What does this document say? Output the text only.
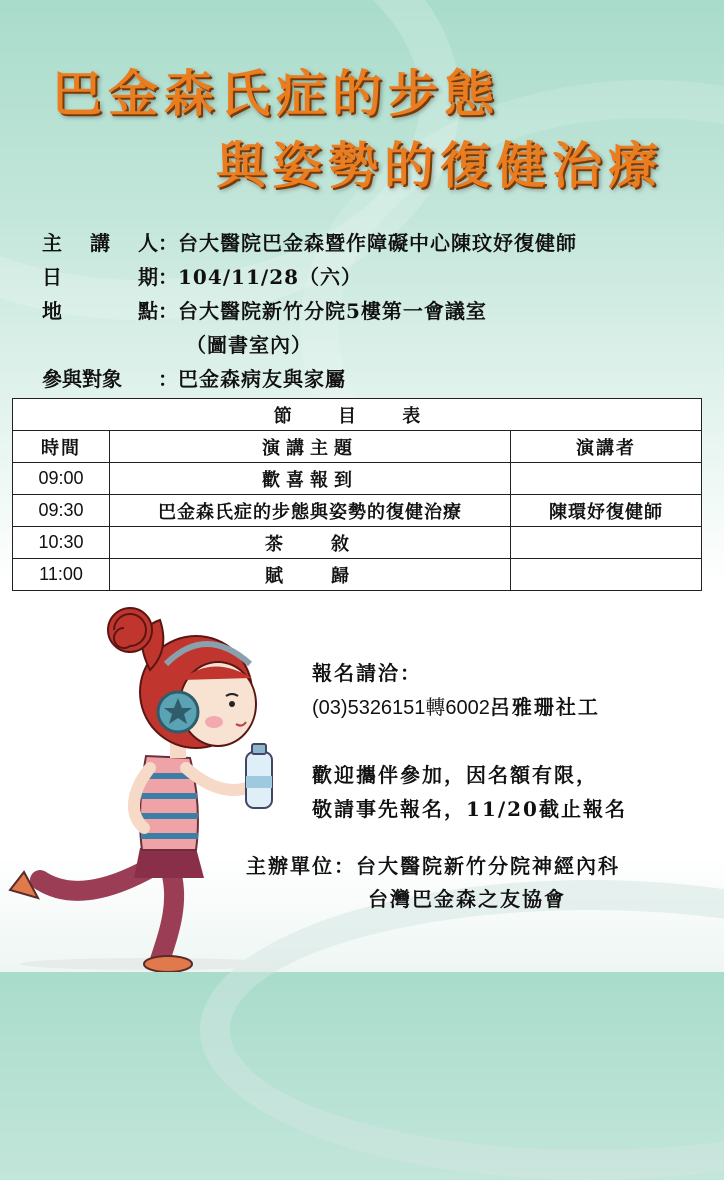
巴金森氏症的步態
與姿勢的復健治療
主 講 人 ： 台大醫院巴金森暨作障礙中心陳玟妤復健師
日	期 ： 104/11/28（六）
地	點 ： 台大醫院新竹分院5樓第一會議室
（圖書室內）
參與對象	： 巴金森病友與家屬
節 目 表		
時間	演講主題	演講者
09:00	歡喜報到	
09:30	巴金森氏症的步態與姿勢的復健治療	陳環妤復健師
10:30	茶敘	
11:00	賦歸	
報名請洽：
(03)5326151轉6002 呂雅珊社工
歡迎攜伴參加，因名額有限，
敬請事先報名，11/20截止報名
主辦單位： 台大醫院新竹分院神經內科
台灣巴金森之友協會
